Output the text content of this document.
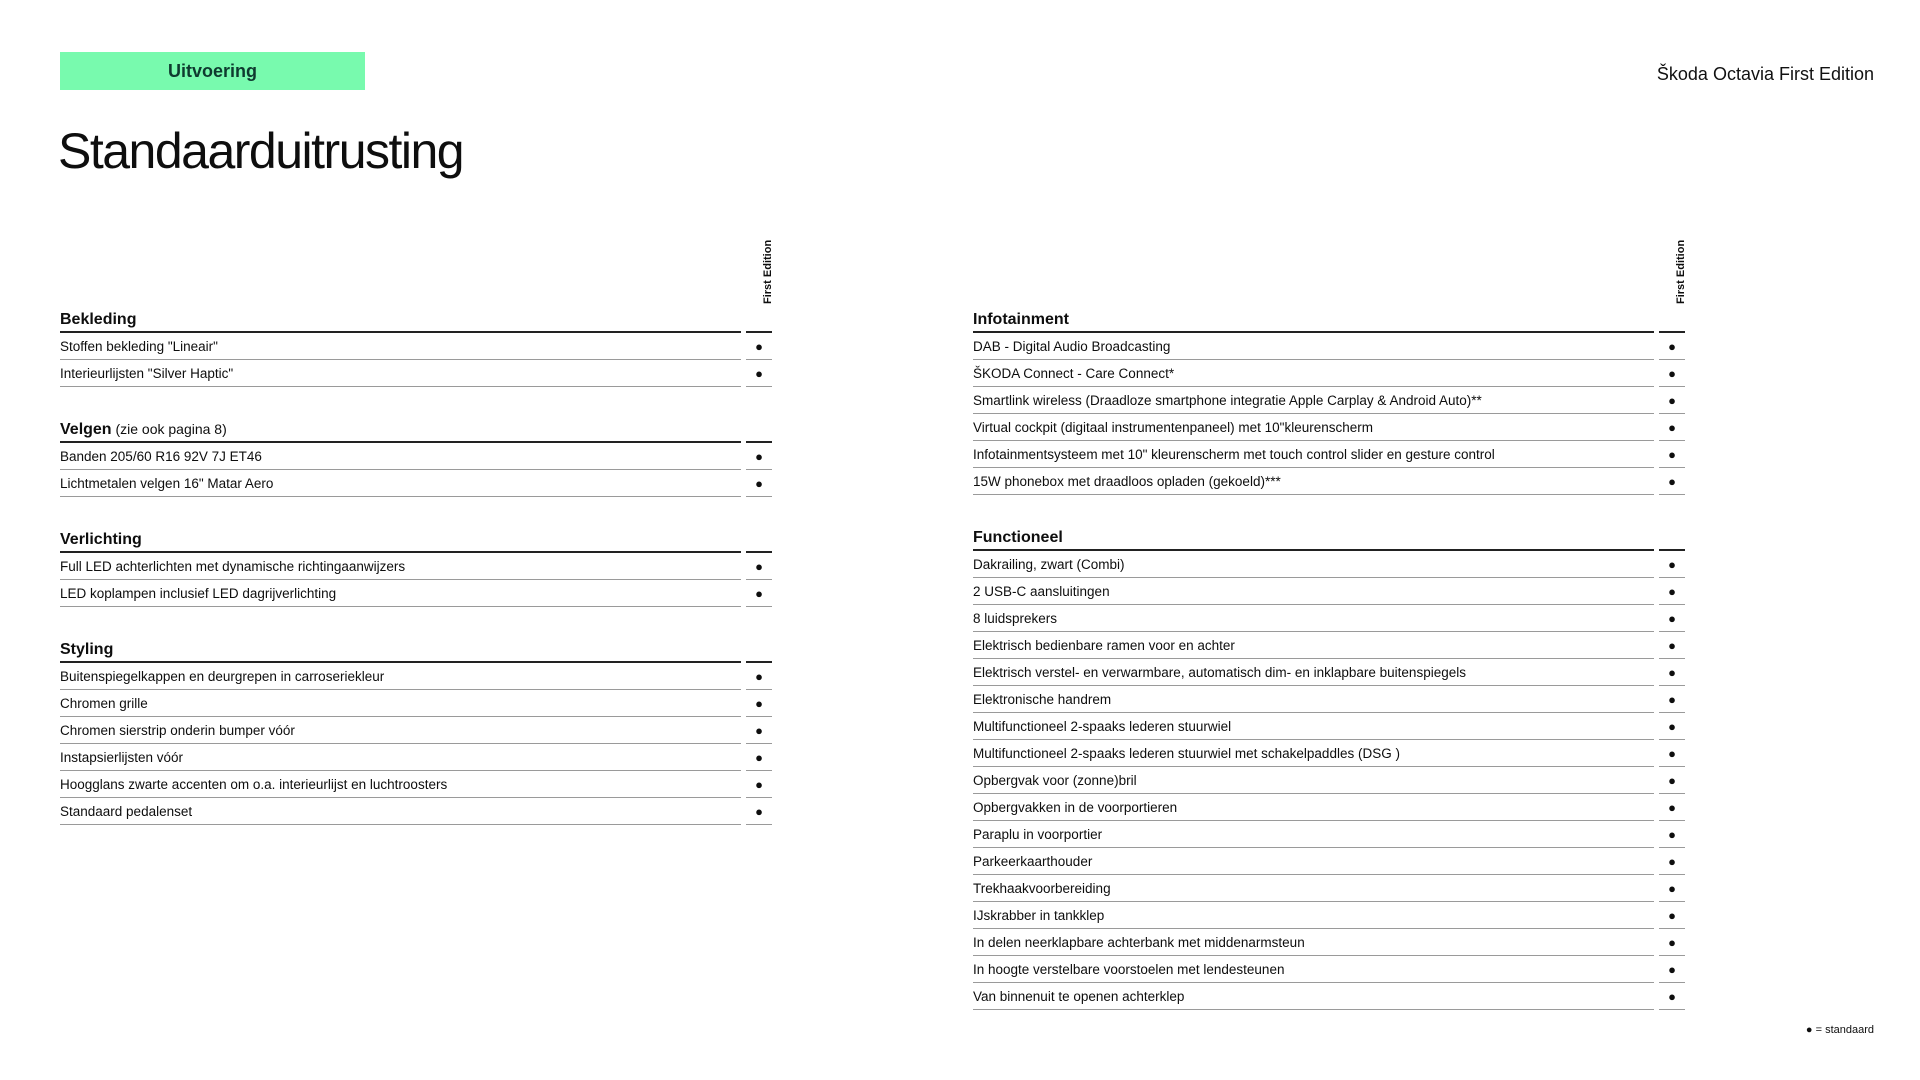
Uitvoering	Škoda Octavia First Edition
Standaarduitrusting
First Edition
Bekleding
Stoffen bekleding "Lineair"	●
Interieurlijsten "Silver Haptic"	●
Velgen (zie ook pagina 8)
Banden 205/60 R16 92V 7J ET46	●
Lichtmetalen velgen 16" Matar Aero	●
Verlichting
Full LED achterlichten met dynamische richtingaanwijzers	●
LED koplampen inclusief LED dagrijverlichting	●
Styling
Buitenspiegelkappen en deurgrepen in carroseriekleur	●
Chromen grille	●
Chromen sierstrip onderin bumper vóór	●
Instapsierlijsten vóór	●
Hoogglans zwarte accenten om o.a. interieurlijst en luchtroosters	●
Standaard pedalenset	●
First Edition
Infotainment
DAB - Digital Audio Broadcasting	●
ŠKODA Connect - Care Connect*	●
Smartlink wireless (Draadloze smartphone integratie Apple Carplay & Android Auto)**	●
Virtual cockpit (digitaal instrumentenpaneel) met 10"kleurenscherm	●
Infotainmentsysteem met 10" kleurenscherm met touch control slider en gesture control	●
15W phonebox met draadloos opladen (gekoeld)***	●
Functioneel
Dakrailing, zwart (Combi)	●
2 USB-C aansluitingen	●
8 luidsprekers	●
Elektrisch bedienbare ramen voor en achter	●
Elektrisch verstel- en verwarmbare, automatisch dim- en inklapbare buitenspiegels	●
Elektronische handrem	●
Multifunctioneel 2-spaaks lederen stuurwiel	●
Multifunctioneel 2-spaaks lederen stuurwiel met schakelpaddles (DSG )	●
Opbergvak voor (zonne)bril	●
Opbergvakken in de voorportieren	●
Paraplu in voorportier	●
Parkeerkaarthouder	●
Trekhaakvoorbereiding	●
IJskrabber in tankklep	●
In delen neerklapbare achterbank met middenarmsteun	●
In hoogte verstelbare voorstoelen met lendesteunen	●
Van binnenuit te openen achterklep	●
● = standaard
